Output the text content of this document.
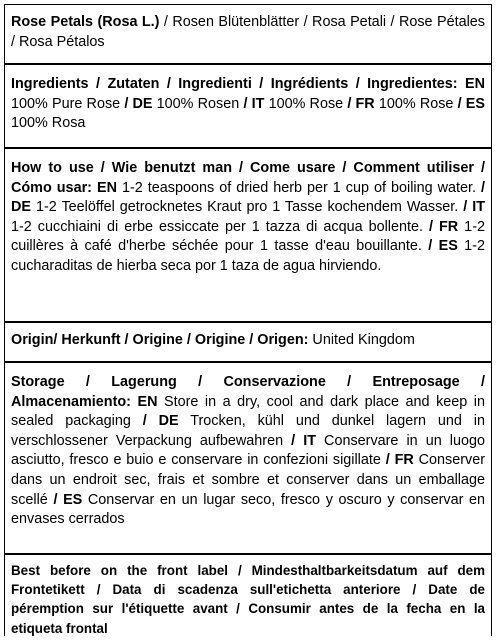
Rose Petals (Rosa L.) / Rosen Blütenblätter / Rosa Petali / Rose Pétales / Rosa Pétalos
Ingredients / Zutaten / Ingredienti / Ingrédients / Ingredientes: EN 100% Pure Rose / DE 100% Rosen / IT 100% Rose / FR 100% Rose / ES 100% Rosa
How to use / Wie benutzt man / Come usare / Comment utiliser / Cómo usar: EN 1-2 teaspoons of dried herb per 1 cup of boiling water. / DE 1-2 Teelöffel getrocknetes Kraut pro 1 Tasse kochendem Wasser. / IT 1-2 cucchiaini di erbe essiccate per 1 tazza di acqua bollente. / FR 1-2 cuillères à café d'herbe séchée pour 1 tasse d'eau bouillante. / ES 1-2 cucharaditas de hierba seca por 1 taza de agua hirviendo.
Origin/ Herkunft / Origine / Origine / Origen: United Kingdom
Storage / Lagerung / Conservazione / Entreposage / Almacenamiento: EN Store in a dry, cool and dark place and keep in sealed packaging / DE Trocken, kühl und dunkel lagern und in verschlossener Verpackung aufbewahren / IT Conservare in un luogo asciutto, fresco e buio e conservare in confezioni sigillate / FR Conserver dans un endroit sec, frais et sombre et conserver dans un emballage scellé / ES Conservar en un lugar seco, fresco y oscuro y conservar en envases cerrados
Best before on the front label / Mindesthaltbarkeitsdatum auf dem Frontetikett / Data di scadenza sull'etichetta anteriore / Date de péremption sur l'étiquette avant / Consumir antes de la fecha en la etiqueta frontal
